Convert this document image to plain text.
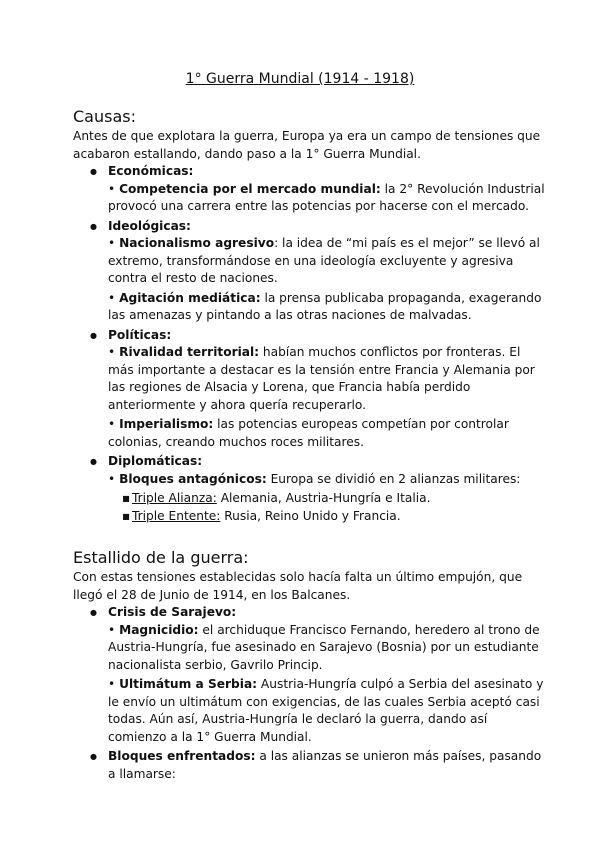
1° Guerra Mundial (1914 - 1918)
Causas:
Antes de que explotara la guerra, Europa ya era un campo de tensiones que acabaron estallando, dando paso a la 1° Guerra Mundial.
● Económicas:
• Competencia por el mercado mundial: la 2° Revolución Industrial provocó una carrera entre las potencias por hacerse con el mercado.
● Ideológicas:
• Nacionalismo agresivo: la idea de “mi país es el mejor” se llevó al extremo, transformándose en una ideología excluyente y agresiva contra el resto de naciones.
• Agitación mediática: la prensa publicaba propaganda, exagerando las amenazas y pintando a las otras naciones de malvadas.
● Políticas:
• Rivalidad territorial: habían muchos conflictos por fronteras. El más importante a destacar es la tensión entre Francia y Alemania por las regiones de Alsacia y Lorena, que Francia había perdido anteriormente y ahora quería recuperarlo.
• Imperialismo: las potencias europeas competían por controlar colonias, creando muchos roces militares.
● Diplomáticas:
• Bloques antagónicos: Europa se dividió en 2 alianzas militares:
▪ Triple Alianza: Alemania, Austria-Hungría e Italia.
▪ Triple Entente: Rusia, Reino Unido y Francia.
Estallido de la guerra:
Con estas tensiones establecidas solo hacía falta un último empujón, que llegó el 28 de Junio de 1914, en los Balcanes.
● Crisis de Sarajevo:
• Magnicidio: el archiduque Francisco Fernando, heredero al trono de Austria-Hungría, fue asesinado en Sarajevo (Bosnia) por un estudiante nacionalista serbio, Gavrilo Princip.
• Ultimátum a Serbia: Austria-Hungría culpó a Serbia del asesinato y le envío un ultimátum con exigencias, de las cuales Serbia aceptó casi todas. Aún así, Austria-Hungría le declaró la guerra, dando así comienzo a la 1° Guerra Mundial.
● Bloques enfrentados: a las alianzas se unieron más países, pasando a llamarse:
